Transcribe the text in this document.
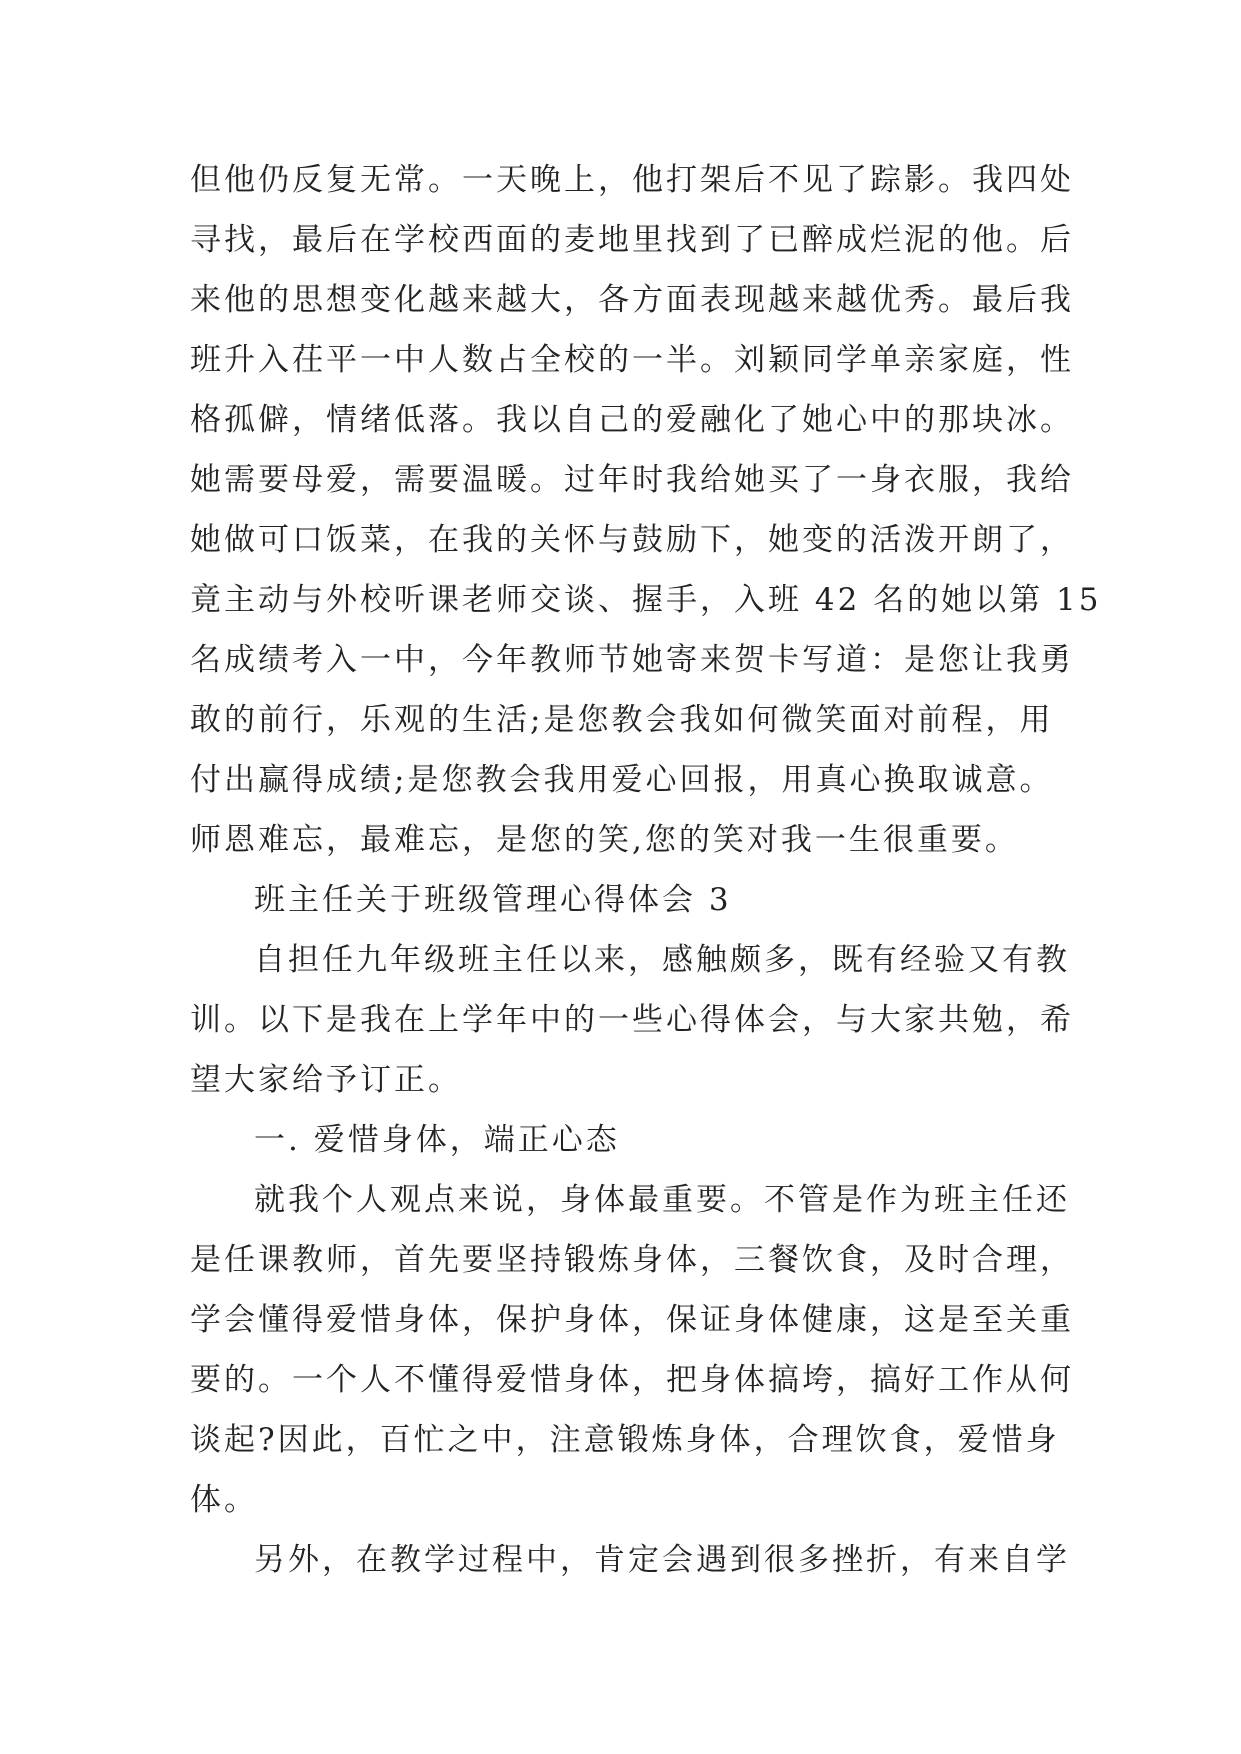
但他仍反复无常。一天晚上，他打架后不见了踪影。我四处
寻找，最后在学校西面的麦地里找到了已醉成烂泥的他。后
来他的思想变化越来越大，各方面表现越来越优秀。最后我
班升入茌平一中人数占全校的一半。刘颖同学单亲家庭，性
格孤僻，情绪低落。我以自己的爱融化了她心中的那块冰。
她需要母爱，需要温暖。过年时我给她买了一身衣服，我给
她做可口饭菜，在我的关怀与鼓励下，她变的活泼开朗了，
竟主动与外校听课老师交谈、握手，入班 42 名的她以第 15
名成绩考入一中，今年教师节她寄来贺卡写道：是您让我勇
敢的前行，乐观的生活;是您教会我如何微笑面对前程，用
付出赢得成绩;是您教会我用爱心回报，用真心换取诚意。
师恩难忘，最难忘，是您的笑,您的笑对我一生很重要。
班主任关于班级管理心得体会 3
自担任九年级班主任以来，感触颇多，既有经验又有教
训。以下是我在上学年中的一些心得体会，与大家共勉，希
望大家给予订正。
一. 爱惜身体，端正心态
就我个人观点来说，身体最重要。不管是作为班主任还
是任课教师，首先要坚持锻炼身体，三餐饮食，及时合理，
学会懂得爱惜身体，保护身体，保证身体健康，这是至关重
要的。一个人不懂得爱惜身体，把身体搞垮，搞好工作从何
谈起?因此，百忙之中，注意锻炼身体，合理饮食，爱惜身
体。
另外，在教学过程中，肯定会遇到很多挫折，有来自学
